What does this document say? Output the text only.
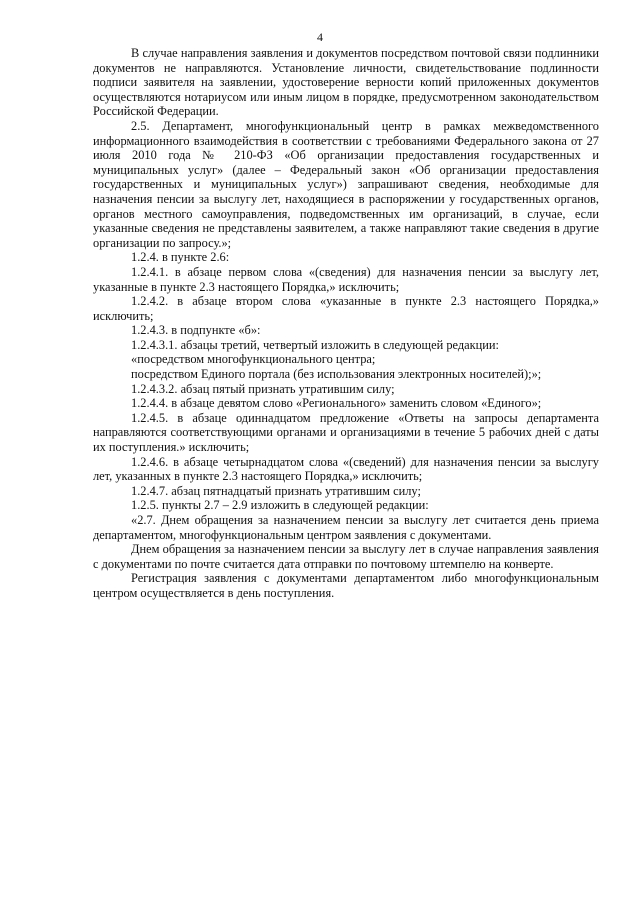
4

В случае направления заявления и документов посредством почтовой связи подлинники документов не направляются. Установление личности, свидетельствование подлинности подписи заявителя на заявлении, удостоверение верности копий приложенных документов осуществляются нотариусом или иным лицом в порядке, предусмотренном законодательством Российской Федерации.

2.5. Департамент, многофункциональный центр в рамках межведомственного информационного взаимодействия в соответствии с требованиями Федерального закона от 27 июля 2010 года № 210-ФЗ «Об организации предоставления государственных и муниципальных услуг» (далее – Федеральный закон «Об организации предоставления государственных и муниципальных услуг») запрашивают сведения, необходимые для назначения пенсии за выслугу лет, находящиеся в распоряжении у государственных органов, органов местного самоуправления, подведомственных им организаций, в случае, если указанные сведения не представлены заявителем, а также направляют такие сведения в другие организации по запросу.»;

1.2.4. в пункте 2.6:

1.2.4.1. в абзаце первом слова «(сведения) для назначения пенсии за выслугу лет, указанные в пункте 2.3 настоящего Порядка,» исключить;

1.2.4.2. в абзаце втором слова «указанные в пункте 2.3 настоящего Порядка,» исключить;

1.2.4.3. в подпункте «б»:

1.2.4.3.1. абзацы третий, четвертый изложить в следующей редакции:

«посредством многофункционального центра;

посредством Единого портала (без использования электронных носителей);»;

1.2.4.3.2. абзац пятый признать утратившим силу;

1.2.4.4. в абзаце девятом слово «Регионального» заменить словом «Единого»;

1.2.4.5. в абзаце одиннадцатом предложение «Ответы на запросы департамента направляются соответствующими органами и организациями в течение 5 рабочих дней с даты их поступления.» исключить;

1.2.4.6. в абзаце четырнадцатом слова «(сведений) для назначения пенсии за выслугу лет, указанных в пункте 2.3 настоящего Порядка,» исключить;

1.2.4.7. абзац пятнадцатый признать утратившим силу;

1.2.5. пункты 2.7 – 2.9 изложить в следующей редакции:

«2.7. Днем обращения за назначением пенсии за выслугу лет считается день приема департаментом, многофункциональным центром заявления с документами.

Днем обращения за назначением пенсии за выслугу лет в случае направления заявления с документами по почте считается дата отправки по почтовому штемпелю на конверте.

Регистрация заявления с документами департаментом либо многофункциональным центром осуществляется в день поступления.
